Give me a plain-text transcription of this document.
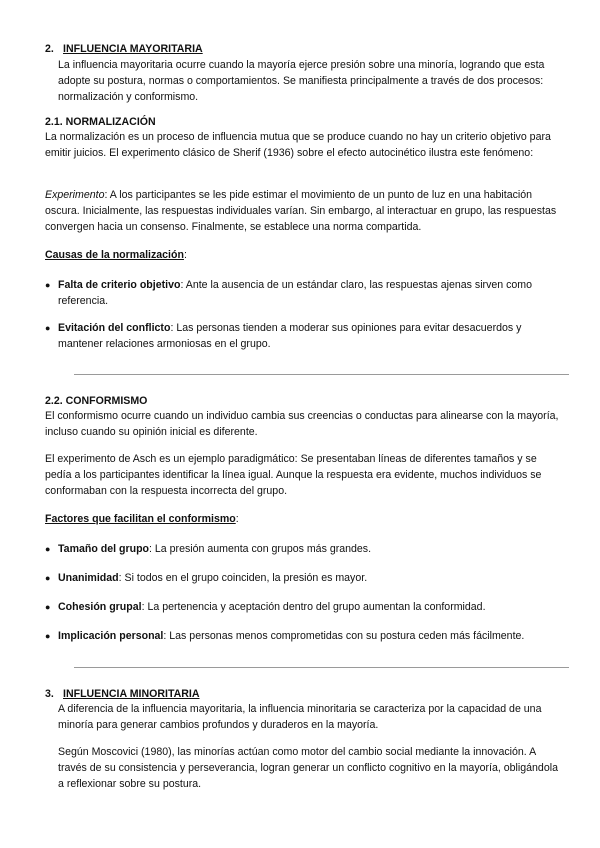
2. INFLUENCIA MAYORITARIA
La influencia mayoritaria ocurre cuando la mayoría ejerce presión sobre una minoría, logrando que esta adopte su postura, normas o comportamientos. Se manifiesta principalmente a través de dos procesos: normalización y conformismo.
2.1. NORMALIZACIÓN
La normalización es un proceso de influencia mutua que se produce cuando no hay un criterio objetivo para emitir juicios. El experimento clásico de Sherif (1936) sobre el efecto autocinético ilustra este fenómeno:
Experimento: A los participantes se les pide estimar el movimiento de un punto de luz en una habitación oscura. Inicialmente, las respuestas individuales varían. Sin embargo, al interactuar en grupo, las respuestas convergen hacia un consenso. Finalmente, se establece una norma compartida.
Causas de la normalización:
● Falta de criterio objetivo: Ante la ausencia de un estándar claro, las respuestas ajenas sirven como referencia.
● Evitación del conflicto: Las personas tienden a moderar sus opiniones para evitar desacuerdos y mantener relaciones armoniosas en el grupo.
2.2. CONFORMISMO
El conformismo ocurre cuando un individuo cambia sus creencias o conductas para alinearse con la mayoría, incluso cuando su opinión inicial es diferente.
El experimento de Asch es un ejemplo paradigmático: Se presentaban líneas de diferentes tamaños y se pedía a los participantes identificar la línea igual. Aunque la respuesta era evidente, muchos individuos se conformaban con la respuesta incorrecta del grupo.
Factores que facilitan el conformismo:
● Tamaño del grupo: La presión aumenta con grupos más grandes.
● Unanimidad: Si todos en el grupo coinciden, la presión es mayor.
● Cohesión grupal: La pertenencia y aceptación dentro del grupo aumentan la conformidad.
● Implicación personal: Las personas menos comprometidas con su postura ceden más fácilmente.
3. INFLUENCIA MINORITARIA
A diferencia de la influencia mayoritaria, la influencia minoritaria se caracteriza por la capacidad de una minoría para generar cambios profundos y duraderos en la mayoría.
Según Moscovici (1980), las minorías actúan como motor del cambio social mediante la innovación. A través de su consistencia y perseverancia, logran generar un conflicto cognitivo en la mayoría, obligándola a reflexionar sobre su postura.
